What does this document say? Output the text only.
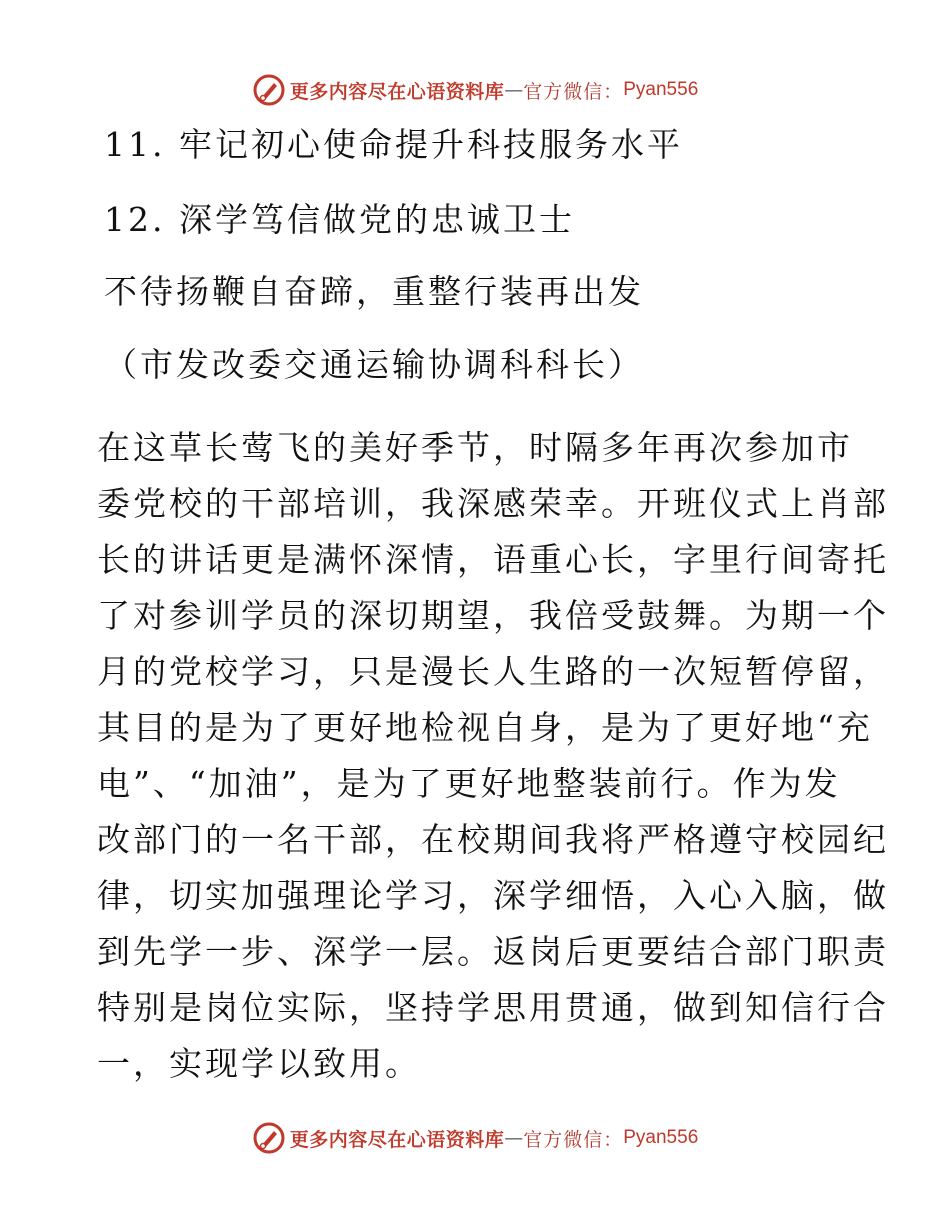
更多内容尽在心语资料库 — 官方微信： Pyan556
11. 牢记初心使命提升科技服务水平
12. 深学笃信做党的忠诚卫士
不待扬鞭自奋蹄，重整行装再出发
（市发改委交通运输协调科科长）
在这草长莺飞的美好季节，时隔多年再次参加市
委党校的干部培训，我深感荣幸。开班仪式上肖部
长的讲话更是满怀深情，语重心长，字里行间寄托
了对参训学员的深切期望，我倍受鼓舞。为期一个
月的党校学习，只是漫长人生路的一次短暂停留，
其目的是为了更好地检视自身，是为了更好地“充
电”、“加油”，是为了更好地整装前行。作为发
改部门的一名干部，在校期间我将严格遵守校园纪
律，切实加强理论学习，深学细悟，入心入脑，做
到先学一步、深学一层。返岗后更要结合部门职责
特别是岗位实际，坚持学思用贯通，做到知信行合
一，实现学以致用。
更多内容尽在心语资料库 — 官方微信： Pyan556
